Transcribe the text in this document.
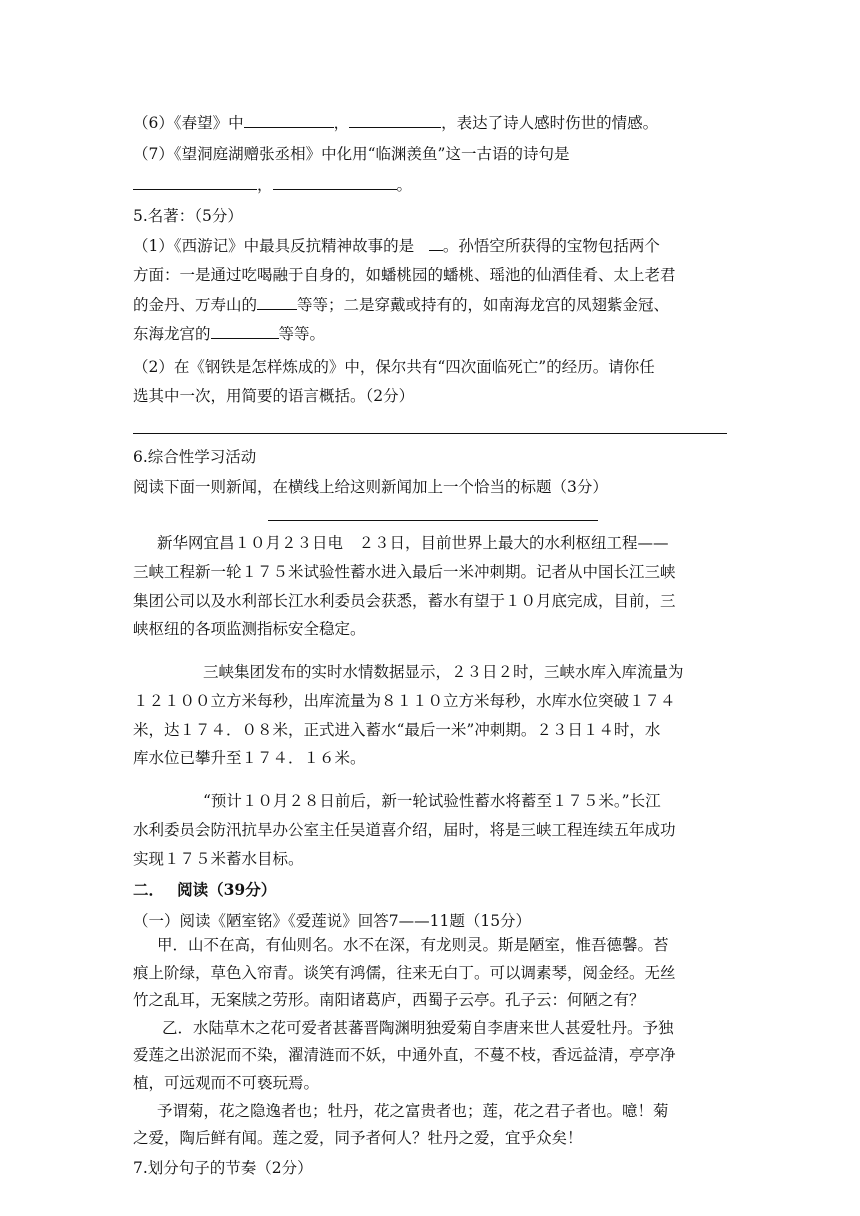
（6）《春望》中	，	，表达了诗人感时伤世的情感。
（7）《望洞庭湖赠张丞相》中化用“临渊羡鱼”这一古语的诗句是
，	。
5.名著：（5分）
（1）《西游记》中最具反抗精神故事的是 。孙悟空所获得的宝物包括两个
方面：一是通过吃喝融于自身的，如蟠桃园的蟠桃、瑶池的仙酒佳肴、太上老君
的金丹、万寿山的	等等；二是穿戴或持有的，如南海龙宫的凤翅紫金冠、
东海龙宫的	等等。
（2）在《钢铁是怎样炼成的》中，保尔共有“四次面临死亡”的经历。请你任
选其中一次，用简要的语言概括。（2分）
6.综合性学习活动
阅读下面一则新闻，在横线上给这则新闻加上一个恰当的标题（3分）
新华网宜昌１０月２３日电　２３日，目前世界上最大的水利枢纽工程——
三峡工程新一轮１７５米试验性蓄水进入最后一米冲刺期。记者从中国长江三峡
集团公司以及水利部长江水利委员会获悉，蓄水有望于１０月底完成，目前，三
峡枢纽的各项监测指标安全稳定。
三峡集团发布的实时水情数据显示，２３日２时，三峡水库入库流量为
１２１００立方米每秒，出库流量为８１１０立方米每秒，水库水位突破１７４
米，达１７４．０８米，正式进入蓄水“最后一米”冲刺期。２３日１４时，水
库水位已攀升至１７４．１６米。
“预计１０月２８日前后，新一轮试验性蓄水将蓄至１７５米。”长江
水利委员会防汛抗旱办公室主任吴道喜介绍，届时，将是三峡工程连续五年成功
实现１７５米蓄水目标。
二．　 阅读（39分）
（一）阅读《陋室铭》《爱莲说》回答7——11题（15分）
甲．山不在高，有仙则名。水不在深，有龙则灵。斯是陋室，惟吾德馨。苔
痕上阶绿，草色入帘青。谈笑有鸿儒，往来无白丁。可以调素琴，阅金经。无丝
竹之乱耳，无案牍之劳形。南阳诸葛庐，西蜀子云亭。孔子云：何陋之有？
乙．水陆草木之花可爱者甚蕃晋陶渊明独爱菊自李唐来世人甚爱牡丹。予独
爱莲之出淤泥而不染，濯清涟而不妖，中通外直，不蔓不枝，香远益清，亭亭净
植，可远观而不可亵玩焉。
予谓菊，花之隐逸者也；牡丹，花之富贵者也；莲，花之君子者也。噫！菊
之爱，陶后鲜有闻。莲之爱，同予者何人？牡丹之爱，宜乎众矣！
7.划分句子的节奏（2分）
